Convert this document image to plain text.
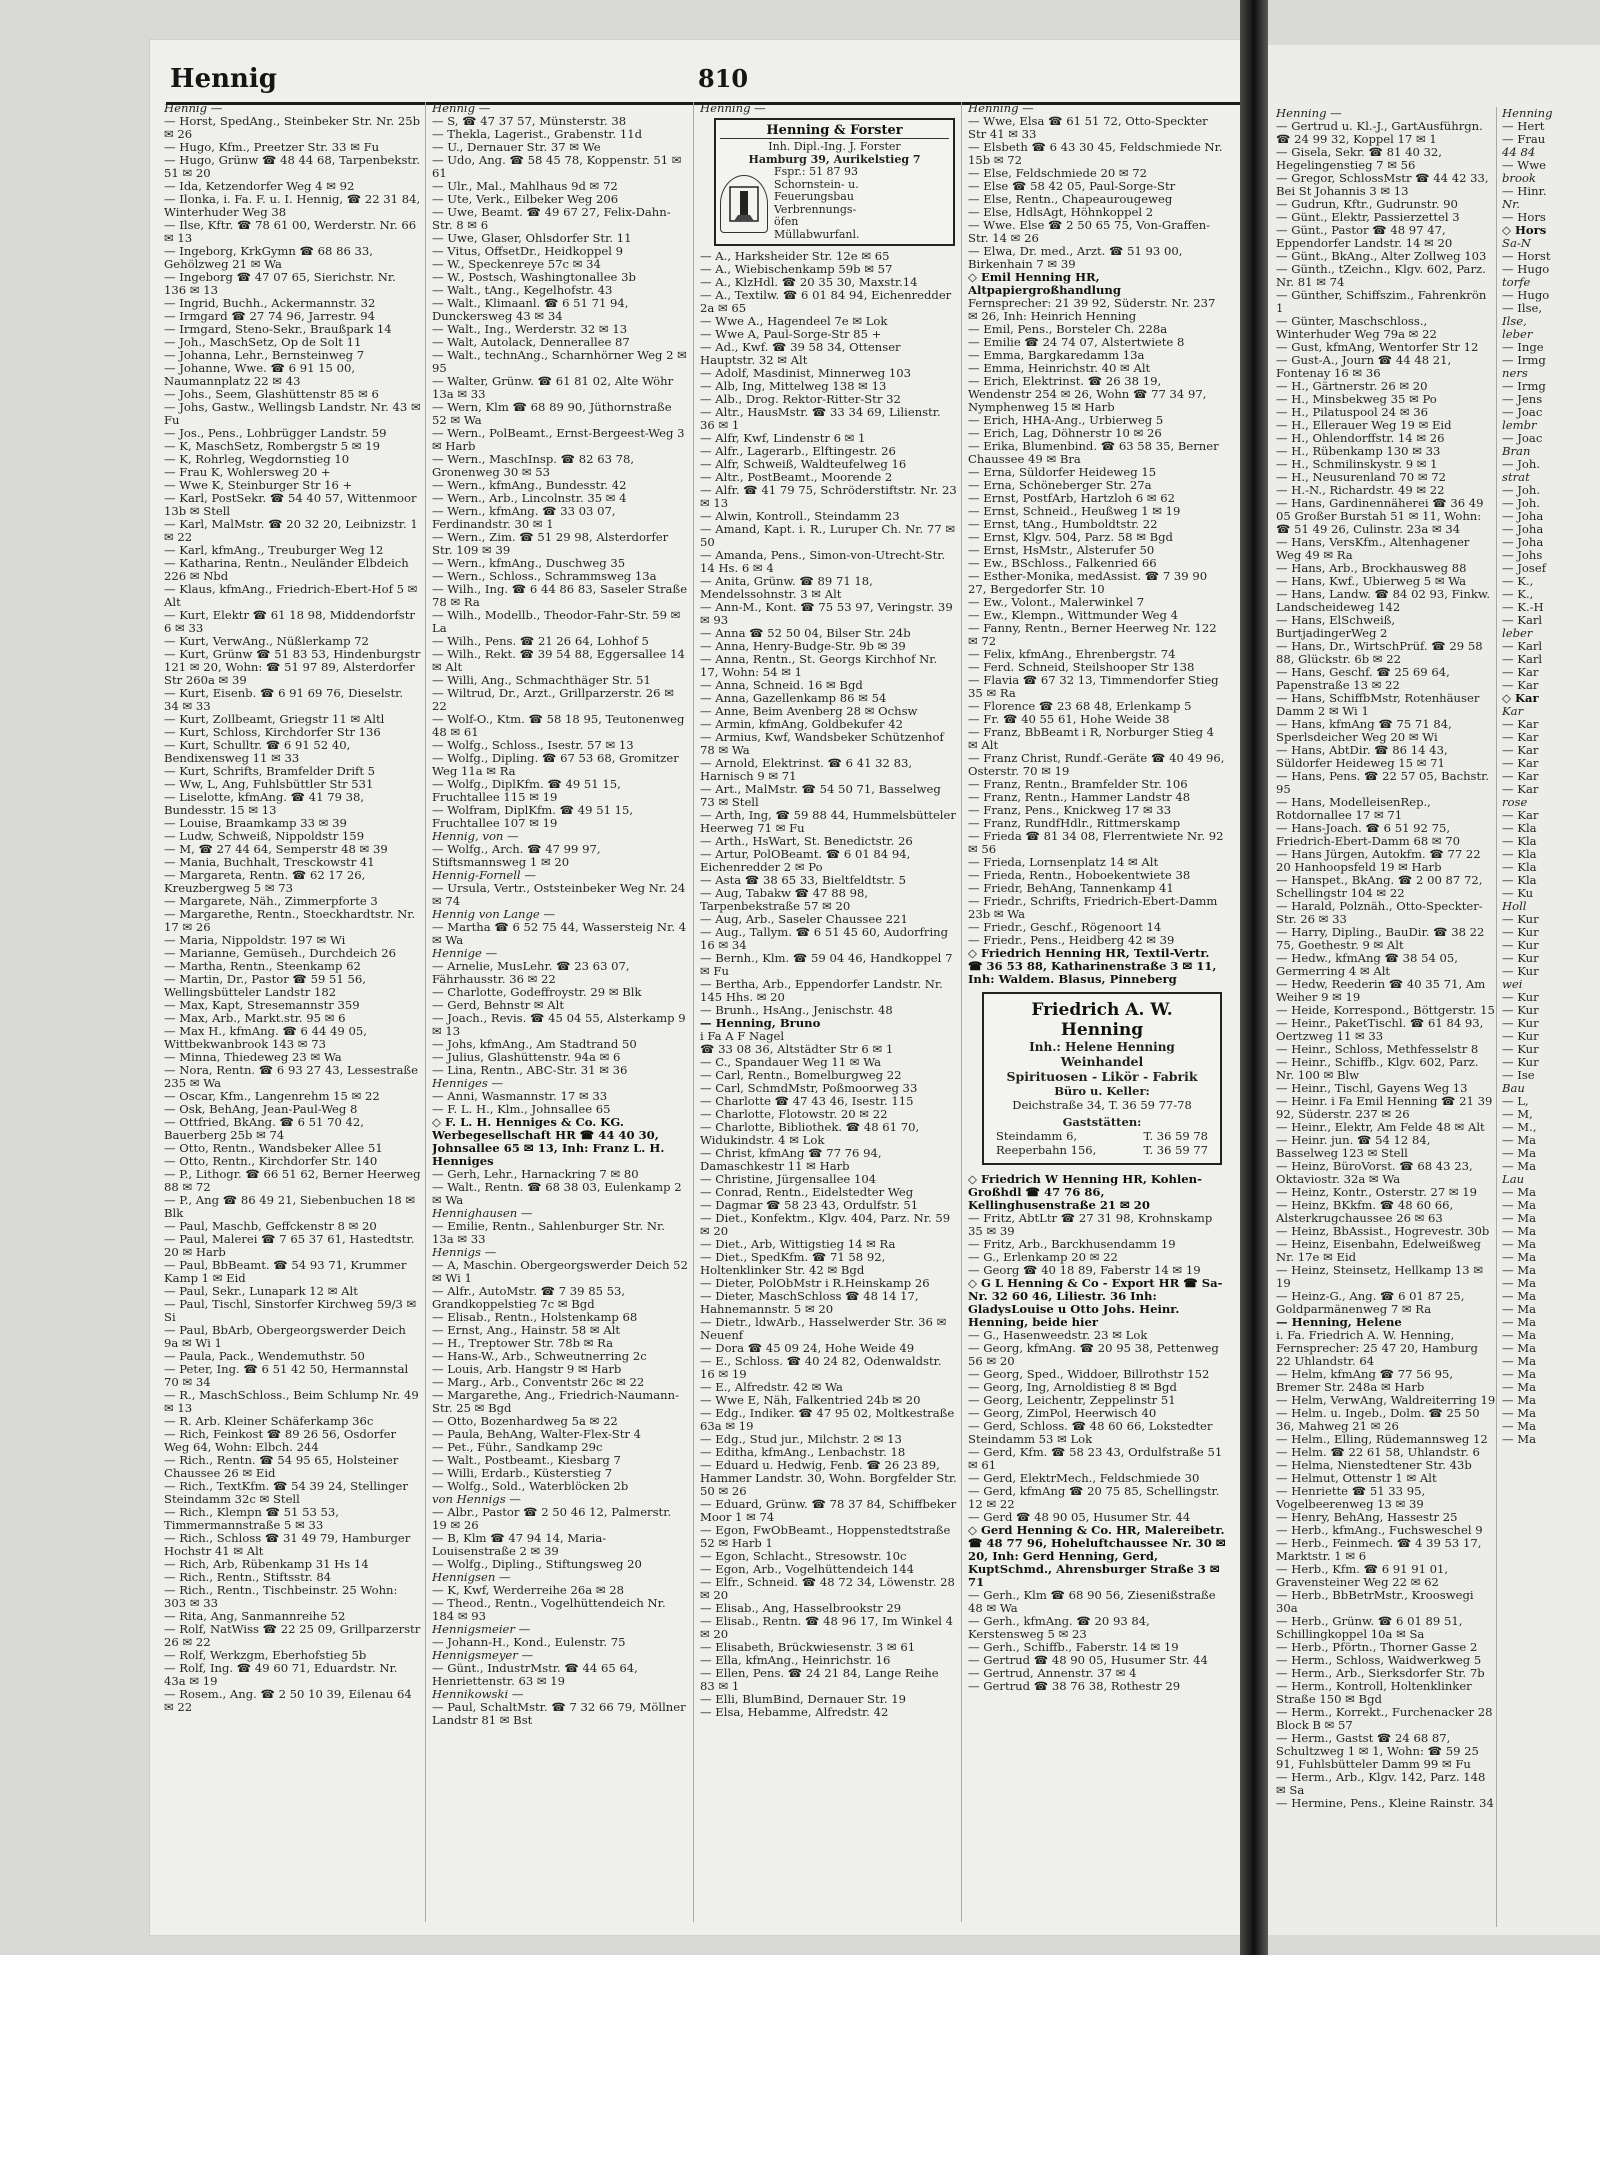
Hennig	810
Hennig —
— Horst, SpedAng., Steinbeker Str. Nr. 25b ✉ 26
— Hugo, Kfm., Preetzer Str. 33 ✉ Fu
— Hugo, Grünw ☎ 48 44 68, Tarpenbekstr. 51 ✉ 20
— Ida, Ketzendorfer Weg 4 ✉ 92
— Ilonka, i. Fa. F. u. I. Hennig, ☎ 22 31 84, Winterhuder Weg 38
— Ilse, Kftr. ☎ 78 61 00, Werderstr. Nr. 66 ✉ 13
— Ingeborg, KrkGymn ☎ 68 86 33, Gehölzweg 21 ✉ Wa
— Ingeborg ☎ 47 07 65, Sierichstr. Nr. 136 ✉ 13
— Ingrid, Buchh., Ackermannstr. 32
— Irmgard ☎ 27 74 96, Jarrestr. 94
— Irmgard, Steno-Sekr., Braußpark 14
— Joh., MaschSetz, Op de Solt 11
— Johanna, Lehr., Bernsteinweg 7
— Johanne, Wwe. ☎ 6 91 15 00, Naumannplatz 22 ✉ 43
— Johs., Seem, Glashüttenstr 85 ✉ 6
— Johs, Gastw., Wellingsb Landstr. Nr. 43 ✉ Fu
— Jos., Pens., Lohbrügger Landstr. 59
— K, MaschSetz, Rombergstr 5 ✉ 19
— K, Rohrleg, Wegdornstieg 10
— Frau K, Wohlersweg 20 +
— Wwe K, Steinburger Str 16 +
— Karl, PostSekr. ☎ 54 40 57, Wittenmoor 13b ✉ Stell
— Karl, MalMstr. ☎ 20 32 20, Leibnizstr. 1 ✉ 22
— Karl, kfmAng., Treuburger Weg 12
— Katharina, Rentn., Neuländer Elbdeich 226 ✉ Nbd
— Klaus, kfmAng., Friedrich-Ebert-Hof 5 ✉ Alt
— Kurt, Elektr ☎ 61 18 98, Middendorfstr 6 ✉ 33
— Kurt, VerwAng., Nüßlerkamp 72
— Kurt, Grünw ☎ 51 83 53, Hindenburgstr 121 ✉ 20, Wohn: ☎ 51 97 89, Alsterdorfer Str 260a ✉ 39
— Kurt, Eisenb. ☎ 6 91 69 76, Dieselstr. 34 ✉ 33
— Kurt, Zollbeamt, Griegstr 11 ✉ Altl
— Kurt, Schloss, Kirchdorfer Str 136
— Kurt, Schulltr. ☎ 6 91 52 40, Bendixensweg 11 ✉ 33
— Kurt, Schrifts, Bramfelder Drift 5
— Ww, L, Ang, Fuhlsbüttler Str 531
— Liselotte, kfmAng. ☎ 41 79 38, Bundesstr. 15 ✉ 13
— Louise, Braamkamp 33 ✉ 39
— Ludw, Schweiß, Nippoldstr 159
— M, ☎ 27 44 64, Semperstr 48 ✉ 39
— Mania, Buchhalt, Tresckowstr 41
— Margareta, Rentn. ☎ 62 17 26, Kreuzbergweg 5 ✉ 73
— Margarete, Näh., Zimmerpforte 3
— Margarethe, Rentn., Stoeckhardtstr. Nr. 17 ✉ 26
— Maria, Nippoldstr. 197 ✉ Wi
— Marianne, Gemüseh., Durchdeich 26
— Martha, Rentn., Steenkamp 62
— Martin, Dr., Pastor ☎ 59 51 56, Wellingsbütteler Landstr 182
— Max, Kapt, Stresemannstr 359
— Max, Arb., Markt.str. 95 ✉ 6
— Max H., kfmAng. ☎ 6 44 49 05, Wittbekwanbrook 143 ✉ 73
— Minna, Thiedeweg 23 ✉ Wa
— Nora, Rentn. ☎ 6 93 27 43, Lessestraße 235 ✉ Wa
— Oscar, Kfm., Langenrehm 15 ✉ 22
— Osk, BehAng, Jean-Paul-Weg 8
— Ottfried, BkAng. ☎ 6 51 70 42, Bauerberg 25b ✉ 74
— Otto, Rentn., Wandsbeker Allee 51
— Otto, Rentn., Kirchdorfer Str. 140
— P., Lithogr. ☎ 66 51 62, Berner Heerweg 88 ✉ 72
— P., Ang ☎ 86 49 21, Siebenbuchen 18 ✉ Blk
— Paul, Maschb, Geffckenstr 8 ✉ 20
— Paul, Malerei ☎ 7 65 37 61, Hastedtstr. 20 ✉ Harb
— Paul, BbBeamt. ☎ 54 93 71, Krummer Kamp 1 ✉ Eid
— Paul, Sekr., Lunapark 12 ✉ Alt
— Paul, Tischl, Sinstorfer Kirchweg 59/3 ✉ Si
— Paul, BbArb, Obergeorgswerder Deich 9a ✉ Wi 1
— Paula, Pack., Wendemuthstr. 50
— Peter, Ing. ☎ 6 51 42 50, Hermannstal 70 ✉ 34
— R., MaschSchloss., Beim Schlump Nr. 49 ✉ 13
— R. Arb. Kleiner Schäferkamp 36c
— Rich, Feinkost ☎ 89 26 56, Osdorfer Weg 64, Wohn: Elbch. 244
— Rich., Rentn. ☎ 54 95 65, Holsteiner Chaussee 26 ✉ Eid
— Rich., TextKfm. ☎ 54 39 24, Stellinger Steindamm 32c ✉ Stell
— Rich., Klempn ☎ 51 53 53, Timmermannstraße 5 ✉ 33
— Rich., Schloss ☎ 31 49 79, Hamburger Hochstr 41 ✉ Alt
— Rich, Arb, Rübenkamp 31 Hs 14
— Rich., Rentn., Stiftsstr. 84
— Rich., Rentn., Tischbeinstr. 25 Wohn: 303 ✉ 33
— Rita, Ang, Sanmannreihe 52
— Rolf, NatWiss ☎ 22 25 09, Grillparzerstr 26 ✉ 22
— Rolf, Werkzgm, Eberhofstieg 5b
— Rolf, Ing. ☎ 49 60 71, Eduardstr. Nr. 43a ✉ 19
— Rosem., Ang. ☎ 2 50 10 39, Eilenau 64 ✉ 22
Hennig —
— S, ☎ 47 37 57, Münsterstr. 38
— Thekla, Lagerist., Grabenstr. 11d
— U., Dernauer Str. 37 ✉ We
— Udo, Ang. ☎ 58 45 78, Koppenstr. 51 ✉ 61
— Ulr., Mal., Mahlhaus 9d ✉ 72
— Ute, Verk., Eilbeker Weg 206
— Uwe, Beamt. ☎ 49 67 27, Felix-Dahn-Str. 8 ✉ 6
— Uwe, Glaser, Ohlsdorfer Str. 11
— Vitus, OffsetDr., Heidkoppel 9
— W., Speckenreye 57c ✉ 34
— W., Postsch, Washingtonallee 3b
— Walt., tAng., Kegelhofstr. 43
— Walt., Klimaanl. ☎ 6 51 71 94, Dunckersweg 43 ✉ 34
— Walt., Ing., Werderstr. 32 ✉ 13
— Walt, Autolack, Dennerallee 87
— Walt., technAng., Scharnhörner Weg 2 ✉ 95
— Walter, Grünw. ☎ 61 81 02, Alte Wöhr 13a ✉ 33
— Wern, Klm ☎ 68 89 90, Jüthornstraße 52 ✉ Wa
— Wern., PolBeamt., Ernst-Bergeest-Weg 3 ✉ Harb
— Wern., MaschInsp. ☎ 82 63 78, Gronenweg 30 ✉ 53
— Wern., kfmAng., Bundesstr. 42
— Wern., Arb., Lincolnstr. 35 ✉ 4
— Wern., kfmAng. ☎ 33 03 07, Ferdinandstr. 30 ✉ 1
— Wern., Zim. ☎ 51 29 98, Alsterdorfer Str. 109 ✉ 39
— Wern., kfmAng., Duschweg 35
— Wern., Schloss., Schrammsweg 13a
— Wilh., Ing. ☎ 6 44 86 83, Saseler Straße 78 ✉ Ra
— Wilh., Modellb., Theodor-Fahr-Str. 59 ✉ La
— Wilh., Pens. ☎ 21 26 64, Lohhof 5
— Wilh., Rekt. ☎ 39 54 88, Eggersallee 14 ✉ Alt
— Willi, Ang., Schmachthäger Str. 51
— Wiltrud, Dr., Arzt., Grillparzerstr. 26 ✉ 22
— Wolf-O., Ktm. ☎ 58 18 95, Teutonenweg 48 ✉ 61
— Wolfg., Schloss., Isestr. 57 ✉ 13
— Wolfg., Dipling. ☎ 67 53 68, Gromitzer Weg 11a ✉ Ra
— Wolfg., DiplKfm. ☎ 49 51 15, Fruchtallee 115 ✉ 19
— Wolfram, DiplKfm. ☎ 49 51 15, Fruchtallee 107 ✉ 19
Hennig, von —
— Wolfg., Arch. ☎ 47 99 97, Stiftsmannsweg 1 ✉ 20
Hennig-Fornell —
— Ursula, Vertr., Oststeinbeker Weg Nr. 24 ✉ 74
Hennig von Lange —
— Martha ☎ 6 52 75 44, Wassersteig Nr. 4 ✉ Wa
Hennige —
— Arnelie, MusLehr. ☎ 23 63 07, Fährhausstr. 36 ✉ 22
— Charlotte, Godeffroystr. 29 ✉ Blk
— Gerd, Behnstr ✉ Alt
— Joach., Revis. ☎ 45 04 55, Alsterkamp 9 ✉ 13
— Johs, kfmAng., Am Stadtrand 50
— Julius, Glashüttenstr. 94a ✉ 6
— Lina, Rentn., ABC-Str. 31 ✉ 36
Henniges —
— Anni, Wasmannstr. 17 ✉ 33
— F. L. H., Klm., Johnsallee 65
◇ F. L. H. Henniges & Co. KG. Werbegesellschaft HR ☎ 44 40 30, Johnsallee 65 ✉ 13, Inh: Franz L. H. Henniges
— Gerh, Lehr., Harnackring 7 ✉ 80
— Walt., Rentn. ☎ 68 38 03, Eulenkamp 2 ✉ Wa
Hennighausen —
— Emilie, Rentn., Sahlenburger Str. Nr. 13a ✉ 33
Hennigs —
— A, Maschin. Obergeorgswerder Deich 52 ✉ Wi 1
— Alfr., AutoMstr. ☎ 7 39 85 53, Grandkoppelstieg 7c ✉ Bgd
— Elisab., Rentn., Holstenkamp 68
— Ernst, Ang., Hainstr. 58 ✉ Alt
— H., Treptower Str. 78b ✉ Ra
— Hans-W., Arb., Schweutnerring 2c
— Louis, Arb. Hangstr 9 ✉ Harb
— Marg., Arb., Conventstr 26c ✉ 22
— Margarethe, Ang., Friedrich-Naumann-Str. 25 ✉ Bgd
— Otto, Bozenhardweg 5a ✉ 22
— Paula, BehAng, Walter-Flex-Str 4
— Pet., Führ., Sandkamp 29c
— Walt., Postbeamt., Kiesbarg 7
— Willi, Erdarb., Küsterstieg 7
— Wolfg., Sold., Waterblöcken 2b
von Hennigs —
— Albr., Pastor ☎ 2 50 46 12, Palmerstr. 19 ✉ 26
— B, Klm ☎ 47 94 14, Maria-Louisenstraße 2 ✉ 39
— Wolfg., Dipling., Stiftungsweg 20
Hennigsen —
— K, Kwf, Werderreihe 26a ✉ 28
— Theod., Rentn., Vogelhüttendeich Nr. 184 ✉ 93
Hennigsmeier —
— Johann-H., Kond., Eulenstr. 75
Hennigsmeyer —
— Günt., IndustrMstr. ☎ 44 65 64, Henriettenstr. 63 ✉ 19
Hennikowski —
— Paul, SchaltMstr. ☎ 7 32 66 79, Möllner Landstr 81 ✉ Bst
Henning —
Henning & Forster
Inh. Dipl.-Ing. J. Forster
Hamburg 39, Aurikelstieg 7
Fspr.: 51 87 93
Schornstein- u.
Feuerungsbau
Verbrennungs-
öfen
Müllabwurfanl.
— A., Harksheider Str. 12e ✉ 65
— A., Wiebischenkamp 59b ✉ 57
— A., KlzHdl. ☎ 20 35 30, Maxstr.14
— A., Textilw. ☎ 6 01 84 94, Eichenredder 2a ✉ 65
— Wwe A., Hagendeel 7e ✉ Lok
— Wwe A, Paul-Sorge-Str 85 +
— Ad., Kwf. ☎ 39 58 34, Ottenser Hauptstr. 32 ✉ Alt
— Adolf, Masdinist, Minnerweg 103
— Alb, Ing, Mittelweg 138 ✉ 13
— Alb., Drog. Rektor-Ritter-Str 32
— Altr., HausMstr. ☎ 33 34 69, Lilienstr. 36 ✉ 1
— Alfr, Kwf, Lindenstr 6 ✉ 1
— Alfr., Lagerarb., Elftingestr. 26
— Alfr, Schweiß, Waldteufelweg 16
— Altr., PostBeamt., Moorende 2
— Alfr. ☎ 41 79 75, Schröderstiftstr. Nr. 23 ✉ 13
— Alwin, Kontroll., Steindamm 23
— Amand, Kapt. i. R., Luruper Ch. Nr. 77 ✉ 50
— Amanda, Pens., Simon-von-Utrecht-Str. 14 Hs. 6 ✉ 4
— Anita, Grünw. ☎ 89 71 18, Mendelssohnstr. 3 ✉ Alt
— Ann-M., Kont. ☎ 75 53 97, Veringstr. 39 ✉ 93
— Anna ☎ 52 50 04, Bilser Str. 24b
— Anna, Henry-Budge-Str. 9b ✉ 39
— Anna, Rentn., St. Georgs Kirchhof Nr. 17, Wohn: 54 ✉ 1
— Anna, Schneid. 16 ✉ Bgd
— Anna, Gazellenkamp 86 ✉ 54
— Anne, Beim Avenberg 28 ✉ Ochsw
— Armin, kfmAng, Goldbekufer 42
— Armius, Kwf, Wandsbeker Schützenhof 78 ✉ Wa
— Arnold, Elektrinst. ☎ 6 41 32 83, Harnisch 9 ✉ 71
— Art., MalMstr. ☎ 54 50 71, Basselweg 73 ✉ Stell
— Arth, Ing, ☎ 59 88 44, Hummelsbütteler Heerweg 71 ✉ Fu
— Arth., HsWart, St. Benedictstr. 26
— Artur, PolOBeamt. ☎ 6 01 84 94, Eichenredder 2 ✉ Po
— Asta ☎ 38 65 33, Bieltfeldtstr. 5
— Aug, Tabakw ☎ 47 88 98, Tarpenbekstraße 57 ✉ 20
— Aug, Arb., Saseler Chaussee 221
— Aug., Tallym. ☎ 6 51 45 60, Audorfring 16 ✉ 34
— Bernh., Klm. ☎ 59 04 46, Handkoppel 7 ✉ Fu
— Bertha, Arb., Eppendorfer Landstr. Nr. 145 Hhs. ✉ 20
— Brunh., HsAng., Jenischstr. 48
— Henning, Bruno
i Fa A F Nagel
☎ 33 08 36, Altstädter Str 6 ✉ 1
— C., Spandauer Weg 11 ✉ Wa
— Carl, Rentn., Bomelburgweg 22
— Carl, SchmdMstr, Poßmoorweg 33
— Charlotte ☎ 47 43 46, Isestr. 115
— Charlotte, Flotowstr. 20 ✉ 22
— Charlotte, Bibliothek. ☎ 48 61 70, Widukindstr. 4 ✉ Lok
— Christ, kfmAng ☎ 77 76 94, Damaschkestr 11 ✉ Harb
— Christine, Jürgensallee 104
— Conrad, Rentn., Eidelstedter Weg
— Dagmar ☎ 58 23 43, Ordulfstr. 51
— Diet., Konfektm., Klgv. 404, Parz. Nr. 59 ✉ 20
— Diet., Arb, Wittigstieg 14 ✉ Ra
— Diet., SpedKfm. ☎ 71 58 92, Holtenklinker Str. 42 ✉ Bgd
— Dieter, PolObMstr i R.Heinskamp 26
— Dieter, MaschSchloss ☎ 48 14 17, Hahnemannstr. 5 ✉ 20
— Dietr., ldwArb., Hasselwerder Str. 36 ✉ Neuenf
— Dora ☎ 45 09 24, Hohe Weide 49
— E., Schloss. ☎ 40 24 82, Odenwaldstr. 16 ✉ 19
— E., Alfredstr. 42 ✉ Wa
— Wwe E, Näh, Falkentried 24b ✉ 20
— Edg., Indiker. ☎ 47 95 02, Moltkestraße 63a ✉ 19
— Edg., Stud jur., Milchstr. 2 ✉ 13
— Editha, kfmAng., Lenbachstr. 18
— Eduard u. Hedwig, Fenb. ☎ 26 23 89, Hammer Landstr. 30, Wohn. Borgfelder Str. 50 ✉ 26
— Eduard, Grünw. ☎ 78 37 84, Schiffbeker Moor 1 ✉ 74
— Egon, FwObBeamt., Hoppenstedtstraße 52 ✉ Harb 1
— Egon, Schlacht., Stresowstr. 10c
— Egon, Arb., Vogelhüttendeich 144
— Elfr., Schneid. ☎ 48 72 34, Löwenstr. 28 ✉ 20
— Elisab., Ang, Hasselbrookstr 29
— Elisab., Rentn. ☎ 48 96 17, Im Winkel 4 ✉ 20
— Elisabeth, Brückwiesenstr. 3 ✉ 61
— Ella, kfmAng., Heinrichstr. 16
— Ellen, Pens. ☎ 24 21 84, Lange Reihe 83 ✉ 1
— Elli, BlumBind, Dernauer Str. 19
— Elsa, Hebamme, Alfredstr. 42
Henning —
— Wwe, Elsa ☎ 61 51 72, Otto-Speckter Str 41 ✉ 33
— Elsbeth ☎ 6 43 30 45, Feldschmiede Nr. 15b ✉ 72
— Else, Feldschmiede 20 ✉ 72
— Else ☎ 58 42 05, Paul-Sorge-Str
— Else, Rentn., Chapeaurougeweg
— Else, HdlsAgt, Höhnkoppel 2
— Wwe. Else ☎ 2 50 65 75, Von-Graffen-Str. 14 ✉ 26
— Elwa, Dr. med., Arzt. ☎ 51 93 00, Birkenhain 7 ✉ 39
◇ Emil Henning HR, Altpapiergroßhandlung
Fernsprecher: 21 39 92, Süderstr. Nr. 237 ✉ 26, Inh: Heinrich Henning
— Emil, Pens., Borsteler Ch. 228a
— Emilie ☎ 24 74 07, Alstertwiete 8
— Emma, Bargkaredamm 13a
— Emma, Heinrichstr. 40 ✉ Alt
— Erich, Elektrinst. ☎ 26 38 19, Wendenstr 254 ✉ 26, Wohn ☎ 77 34 97, Nymphenweg 15 ✉ Harb
— Erich, HHA-Ang., Urbierweg 5
— Erich, Lag, Döhnerstr 10 ✉ 26
— Erika, Blumenbind. ☎ 63 58 35, Berner Chaussee 49 ✉ Bra
— Erna, Süldorfer Heideweg 15
— Erna, Schöneberger Str. 27a
— Ernst, PostfArb, Hartzloh 6 ✉ 62
— Ernst, Schneid., Heußweg 1 ✉ 19
— Ernst, tAng., Humboldtstr. 22
— Ernst, Klgv. 504, Parz. 58 ✉ Bgd
— Ernst, HsMstr., Alsterufer 50
— Ew., BSchloss., Falkenried 66
— Esther-Monika, medAssist. ☎ 7 39 90 27, Bergedorfer Str. 10
— Ew., Volont., Malerwinkel 7
— Ew., Klempn., Wittmunder Weg 4
— Fanny, Rentn., Berner Heerweg Nr. 122 ✉ 72
— Felix, kfmAng., Ehrenbergstr. 74
— Ferd. Schneid, Steilshooper Str 138
— Flavia ☎ 67 32 13, Timmendorfer Stieg 35 ✉ Ra
— Florence ☎ 23 68 48, Erlenkamp 5
— Fr. ☎ 40 55 61, Hohe Weide 38
— Franz, BbBeamt i R, Norburger Stieg 4 ✉ Alt
— Franz Christ, Rundf.-Geräte ☎ 40 49 96, Osterstr. 70 ✉ 19
— Franz, Rentn., Bramfelder Str. 106
— Franz, Rentn., Hammer Landstr 48
— Franz, Pens., Knickweg 17 ✉ 33
— Franz, RundfHdlr., Rittmerskamp
— Frieda ☎ 81 34 08, Flerrentwiete Nr. 92 ✉ 56
— Frieda, Lornsenplatz 14 ✉ Alt
— Frieda, Rentn., Hoboekentwiete 38
— Friedr, BehAng, Tannenkamp 41
— Friedr., Schrifts, Friedrich-Ebert-Damm 23b ✉ Wa
— Friedr., Geschf., Rögenoort 14
— Friedr., Pens., Heidberg 42 ✉ 39
◇ Friedrich Henning HR, Textil-Vertr. ☎ 36 53 88, Katharinenstraße 3 ✉ 11, Inh: Waldem. Blasus, Pinneberg
Friedrich A. W. Henning
Inh.: Helene Henning
Weinhandel
Spirituosen - Likör - Fabrik
Büro u. Keller:
Deichstraße 34, T. 36 59 77-78
Gaststätten:
Steindamm 6,	T. 36 59 78
Reeperbahn 156,	T. 36 59 77
◇ Friedrich W Henning HR, Kohlen-Großhdl ☎ 47 76 86, Kellinghusenstraße 21 ✉ 20
— Fritz, AbtLtr ☎ 27 31 98, Krohnskamp 35 ✉ 39
— Fritz, Arb., Barckhusendamm 19
— G., Erlenkamp 20 ✉ 22
— Georg ☎ 40 18 89, Faberstr 14 ✉ 19
◇ G L Henning & Co - Export HR ☎ Sa-Nr. 32 60 46, Liliestr. 36 Inh: GladysLouise u Otto Johs. Heinr. Henning, beide hier
— G., Hasenweedstr. 23 ✉ Lok
— Georg, kfmAng. ☎ 20 95 38, Pettenweg 56 ✉ 20
— Georg, Sped., Widdoer, Billrothstr 152
— Georg, Ing, Arnoldistieg 8 ✉ Bgd
— Georg, Leichentr, Zeppelinstr 51
— Georg, ZimPol, Heerwisch 40
— Gerd, Schloss. ☎ 48 60 66, Lokstedter Steindamm 53 ✉ Lok
— Gerd, Kfm. ☎ 58 23 43, Ordulfstraße 51 ✉ 61
— Gerd, ElektrMech., Feldschmiede 30
— Gerd, kfmAng ☎ 20 75 85, Schellingstr. 12 ✉ 22
— Gerd ☎ 48 90 05, Husumer Str. 44
◇ Gerd Henning & Co. HR, Malereibetr. ☎ 48 77 96, Hoheluftchaussee Nr. 30 ✉ 20, Inh: Gerd Henning, Gerd, KuptSchmd., Ahrensburger Straße 3 ✉ 71
— Gerh., Klm ☎ 68 90 56, Ziesenißstraße 48 ✉ Wa
— Gerh., kfmAng. ☎ 20 93 84, Kerstensweg 5 ✉ 23
— Gerh., Schiffb., Faberstr. 14 ✉ 19
— Gertrud ☎ 48 90 05, Husumer Str. 44
— Gertrud, Annenstr. 37 ✉ 4
— Gertrud ☎ 38 76 38, Rothestr 29
Henning —
— Gertrud u. Kl.-J., GartAusführgn. ☎ 24 99 32, Koppel 17 ✉ 1
— Gisela, Sekr. ☎ 81 40 32, Hegelingenstieg 7 ✉ 56
— Gregor, SchlossMstr ☎ 44 42 33, Bei St Johannis 3 ✉ 13
— Gudrun, Kftr., Gudrunstr. 90
— Günt., Elektr, Passierzettel 3
— Günt., Pastor ☎ 48 97 47, Eppendorfer Landstr. 14 ✉ 20
— Günt., BkAng., Alter Zollweg 103
— Günth., tZeichn., Klgv. 602, Parz. Nr. 81 ✉ 74
— Günther, Schiffszim., Fahrenkrön 1
— Günter, Maschschloss., Winterhuder Weg 79a ✉ 22
— Gust, kfmAng, Wentorfer Str 12
— Gust-A., Journ ☎ 44 48 21, Fontenay 16 ✉ 36
— H., Gärtnerstr. 26 ✉ 20
— H., Minsbekweg 35 ✉ Po
— H., Pilatuspool 24 ✉ 36
— H., Ellerauer Weg 19 ✉ Eid
— H., Ohlendorffstr. 14 ✉ 26
— H., Rübenkamp 130 ✉ 33
— H., Schmilinskystr. 9 ✉ 1
— H., Neusurenland 70 ✉ 72
— H.-N., Richardstr. 49 ✉ 22
— Hans, Gardinennäherei ☎ 36 49 05 Großer Burstah 51 ✉ 11, Wohn: ☎ 51 49 26, Culinstr. 23a ✉ 34
— Hans, VersKfm., Altenhagener Weg 49 ✉ Ra
— Hans, Arb., Brockhausweg 88
— Hans, Kwf., Ubierweg 5 ✉ Wa
— Hans, Landw. ☎ 84 02 93, Finkw. Landscheideweg 142
— Hans, ElSchweiß, BurtjadingerWeg 2
— Hans, Dr., WirtschPrüf. ☎ 29 58 88, Glückstr. 6b ✉ 22
— Hans, Geschf. ☎ 25 69 64, Papenstraße 13 ✉ 22
— Hans, SchiffbMstr, Rotenhäuser Damm 2 ✉ Wi 1
— Hans, kfmAng ☎ 75 71 84, Sperlsdeicher Weg 20 ✉ Wi
— Hans, AbtDir. ☎ 86 14 43, Süldorfer Heideweg 15 ✉ 71
— Hans, Pens. ☎ 22 57 05, Bachstr. 95
— Hans, ModelleisenRep., Rotdornallee 17 ✉ 71
— Hans-Joach. ☎ 6 51 92 75, Friedrich-Ebert-Damm 68 ✉ 70
— Hans Jürgen, Autokfm. ☎ 77 22 20 Hanhoopsfeld 19 ✉ Harb
— Hanspet., BkAng. ☎ 2 00 87 72, Schellingstr 104 ✉ 22
— Harald, Polznäh., Otto-Speckter-Str. 26 ✉ 33
— Harry, Dipling., BauDir. ☎ 38 22 75, Goethestr. 9 ✉ Alt
— Hedw., kfmAng ☎ 38 54 05, Germerring 4 ✉ Alt
— Hedw, Reederin ☎ 40 35 71, Am Weiher 9 ✉ 19
— Heide, Korrespond., Böttgerstr. 15
— Heinr., PaketTischl. ☎ 61 84 93, Oertzweg 11 ✉ 33
— Heinr., Schloss, Methfesselstr 8
— Heinr., Schiffb., Klgv. 602, Parz. Nr. 100 ✉ Blw
— Heinr., Tischl, Gayens Weg 13
— Heinr. i Fa Emil Henning ☎ 21 39 92, Süderstr. 237 ✉ 26
— Heinr., Elektr, Am Felde 48 ✉ Alt
— Heinr. jun. ☎ 54 12 84, Basselweg 123 ✉ Stell
— Heinz, BüroVorst. ☎ 68 43 23, Oktaviostr. 32a ✉ Wa
— Heinz, Kontr., Osterstr. 27 ✉ 19
— Heinz, BKkfm. ☎ 48 60 66, Alsterkrugchaussee 26 ✉ 63
— Heinz, BbAssist., Hogrevestr. 30b
— Heinz, Eisenbahn, Edelweißweg Nr. 17e ✉ Eid
— Heinz, Steinsetz, Hellkamp 13 ✉ 19
— Heinz-G., Ang. ☎ 6 01 87 25, Goldparmänenweg 7 ✉ Ra
— Henning, Helene
i. Fa. Friedrich A. W. Henning, Fernsprecher: 25 47 20, Hamburg 22 Uhlandstr. 64
— Helm, kfmAng ☎ 77 56 95, Bremer Str. 248a ✉ Harb
— Helm, VerwAng, Waldreiterring 19
— Helm. u. Ingeb., Dolm. ☎ 25 50 36, Mahweg 21 ✉ 26
— Helm., Elling, Rüdemannsweg 12
— Helm. ☎ 22 61 58, Uhlandstr. 6
— Helma, Nienstedtener Str. 43b
— Helmut, Ottenstr 1 ✉ Alt
— Henriette ☎ 51 33 95, Vogelbeerenweg 13 ✉ 39
— Henry, BehAng, Hassestr 25
— Herb., kfmAng., Fuchsweschel 9
— Herb., Feinmech. ☎ 4 39 53 17, Marktstr. 1 ✉ 6
— Herb., Kfm. ☎ 6 91 91 01, Gravensteiner Weg 22 ✉ 62
— Herb., BbBetrMstr., Krooswegi 30a
— Herb., Grünw. ☎ 6 01 89 51, Schillingkoppel 10a ✉ Sa
— Herb., Pförtn., Thorner Gasse 2
— Herm., Schloss, Waidwerkweg 5
— Herm., Arb., Sierksdorfer Str. 7b
— Herm., Kontroll, Holtenklinker Straße 150 ✉ Bgd
— Herm., Korrekt., Furchenacker 28 Block B ✉ 57
— Herm., Gastst ☎ 24 68 87, Schultzweg 1 ✉ 1, Wohn: ☎ 59 25 91, Fuhlsbütteler Damm 99 ✉ Fu
— Herm., Arb., Klgv. 142, Parz. 148 ✉ Sa
— Hermine, Pens., Kleine Rainstr. 34
Henning
— Hert
— Frau
44 84
— Wwe
brook
— Hinr.
Nr.
— Hors
◇ Hors
Sa-N
— Horst
— Hugo
torfe
— Hugo
— Ilse,
Ilse,
leber
— Inge
— Irmg
ners
— Irmg
— Jens
— Joac
lembr
— Joac
Bran
— Joh.
strat
— Joh.
— Joh.
— Joha
— Joha
— Joha
— Johs
— Josef
— K.,
— K.,
— K.-H
— Karl
leber
— Karl
— Karl
— Kar
— Kar
◇ Kar
Kar
— Kar
— Kar
— Kar
— Kar
— Kar
— Kar
rose
— Kar
— Kla
— Kla
— Kla
— Kla
— Kla
— Ku
Holl
— Kur
— Kur
— Kur
— Kur
— Kur
wei
— Kur
— Kur
— Kur
— Kur
— Kur
— Kur
— Ise
Bau
— L,
— M,
— M.,
— Ma
— Ma
— Ma
Lau
— Ma
— Ma
— Ma
— Ma
— Ma
— Ma
— Ma
— Ma
— Ma
— Ma
— Ma
— Ma
— Ma
— Ma
— Ma
— Ma
— Ma
— Ma
— Ma
— Ma
